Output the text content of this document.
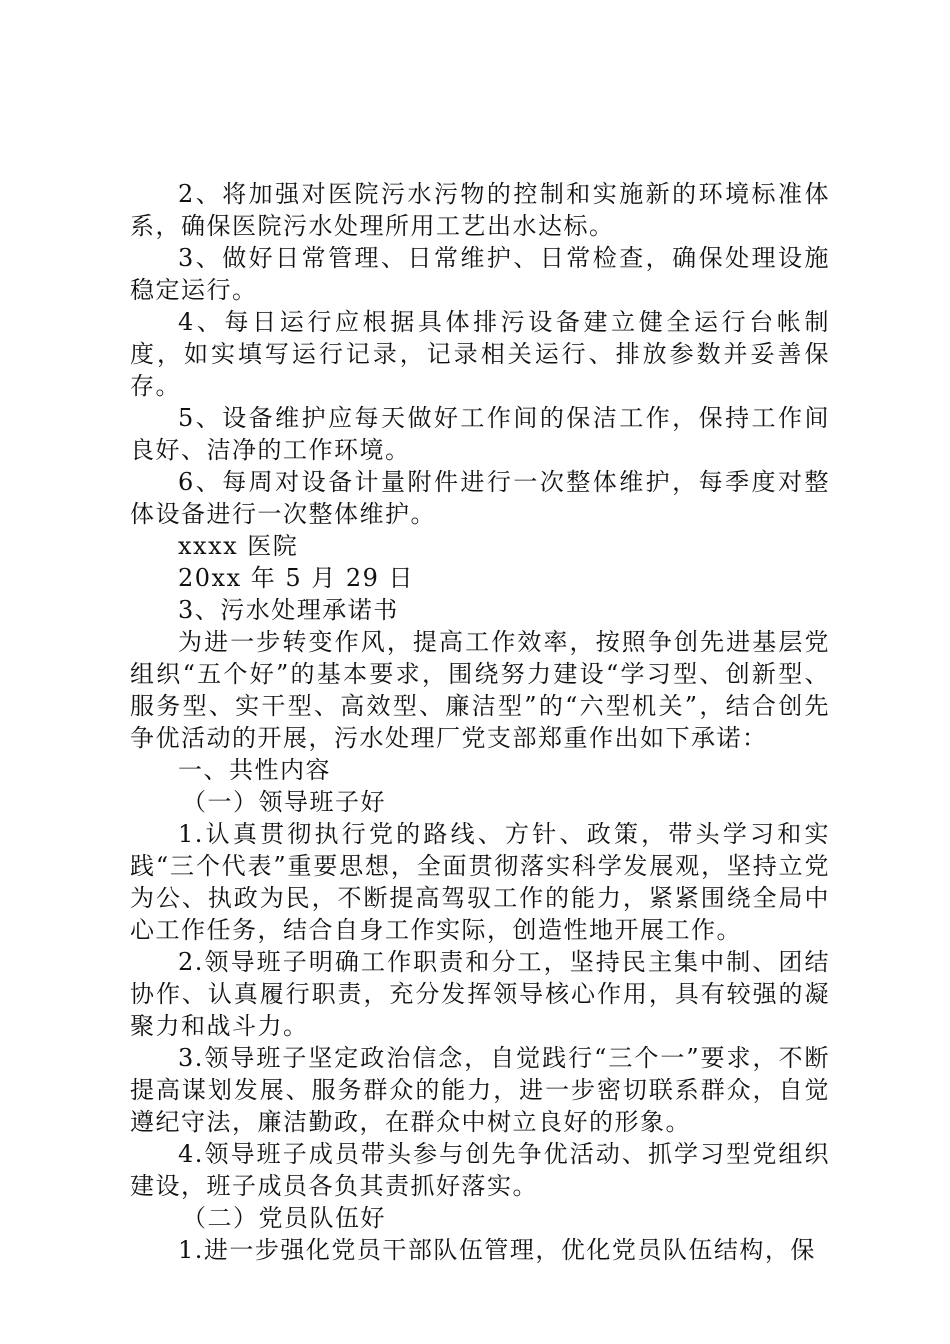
2、将加强对医院污水污物的控制和实施新的环境标准体系，确保医院污水处理所用工艺出水达标。

3、做好日常管理、日常维护、日常检查，确保处理设施稳定运行。

4、每日运行应根据具体排污设备建立健全运行台帐制度，如实填写运行记录，记录相关运行、排放参数并妥善保存。

5、设备维护应每天做好工作间的保洁工作，保持工作间良好、洁净的工作环境。

6、每周对设备计量附件进行一次整体维护，每季度对整体设备进行一次整体维护。

xxxx 医院

20xx 年 5 月 29 日

3、污水处理承诺书

为进一步转变作风，提高工作效率，按照争创先进基层党组织“五个好”的基本要求，围绕努力建设“学习型、创新型、服务型、实干型、高效型、廉洁型”的“六型机关”，结合创先争优活动的开展，污水处理厂党支部郑重作出如下承诺：

一、共性内容

（一）领导班子好

1.认真贯彻执行党的路线、方针、政策，带头学习和实践“三个代表”重要思想，全面贯彻落实科学发展观，坚持立党为公、执政为民，不断提高驾驭工作的能力，紧紧围绕全局中心工作任务，结合自身工作实际，创造性地开展工作。

2.领导班子明确工作职责和分工，坚持民主集中制、团结协作、认真履行职责，充分发挥领导核心作用，具有较强的凝聚力和战斗力。

3.领导班子坚定政治信念，自觉践行“三个一”要求，不断提高谋划发展、服务群众的能力，进一步密切联系群众，自觉遵纪守法，廉洁勤政，在群众中树立良好的形象。

4.领导班子成员带头参与创先争优活动、抓学习型党组织建设，班子成员各负其责抓好落实。

（二）党员队伍好

1.进一步强化党员干部队伍管理，优化党员队伍结构，保
